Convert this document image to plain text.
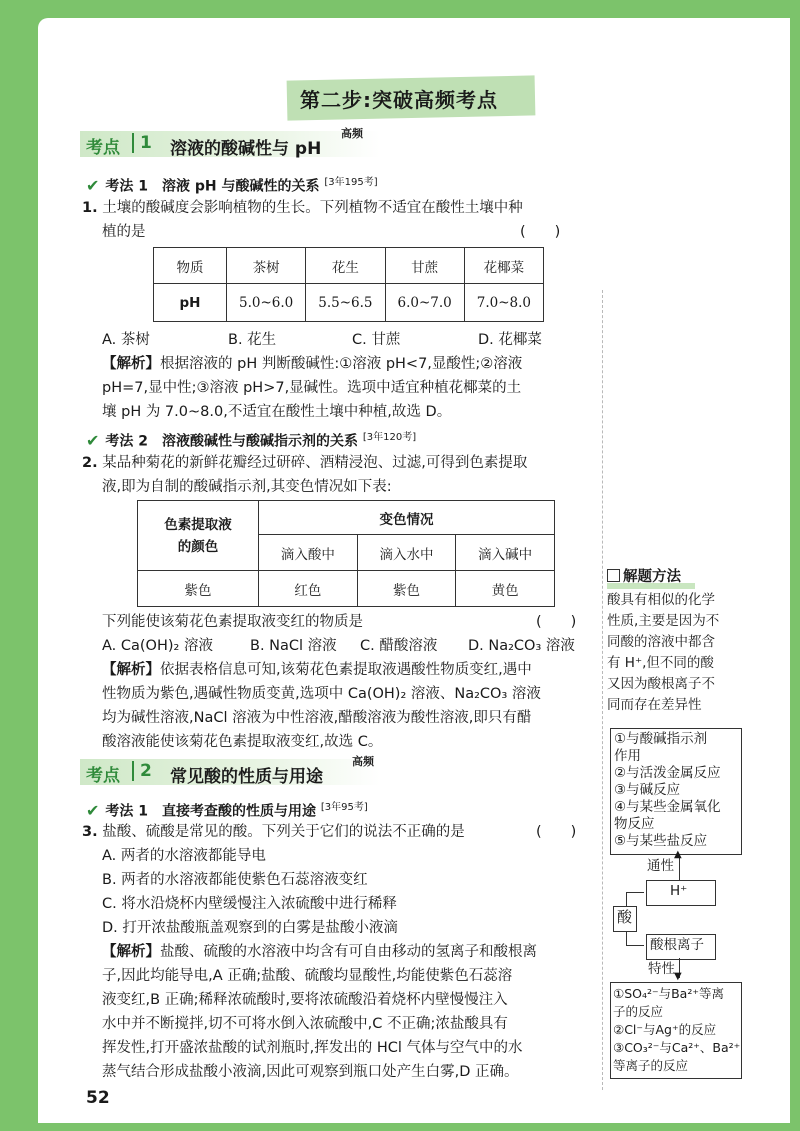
第二步:突破高频考点
考点	1 溶液的酸碱性与 pH
高频
✔ 考法 1　溶液 pH 与酸碱性的关系 [3年195考]
1. 土壤的酸碱度会影响植物的生长。下列植物不适宜在酸性土壤中种
植的是	(　　)
物质	茶树	花生	甘蔗	花椰菜
pH	5.0~6.0	5.5~6.5	6.0~7.0	7.0~8.0
A. 茶树	B. 花生	C. 甘蔗	D. 花椰菜
【解析】根据溶液的 pH 判断酸碱性:①溶液 pH<7,显酸性;②溶液
pH=7,显中性;③溶液 pH>7,显碱性。选项中适宜种植花椰菜的土
壤 pH 为 7.0~8.0,不适宜在酸性土壤中种植,故选 D。
✔ 考法 2　溶液酸碱性与酸碱指示剂的关系 [3年120考]
2. 某品种菊花的新鲜花瓣经过研碎、酒精浸泡、过滤,可得到色素提取
液,即为自制的酸碱指示剂,其变色情况如下表:
色素提取液
的颜色	变色情况		
	滴入酸中	滴入水中	滴入碱中
紫色	红色	紫色	黄色
下列能使该菊花色素提取液变红的物质是	(　　)
A. Ca(OH)₂ 溶液	B. NaCl 溶液 C. 醋酸溶液 D. Na₂CO₃ 溶液
【解析】依据表格信息可知,该菊花色素提取液遇酸性物质变红,遇中
性物质为紫色,遇碱性物质变黄,选项中 Ca(OH)₂ 溶液、Na₂CO₃ 溶液
均为碱性溶液,NaCl 溶液为中性溶液,醋酸溶液为酸性溶液,即只有醋
酸溶液能使该菊花色素提取液变红,故选 C。
考点	2 常见酸的性质与用途
高频
✔ 考法 1　直接考查酸的性质与用途 [3年95考]
3. 盐酸、硫酸是常见的酸。下列关于它们的说法不正确的是	(　　)
A. 两者的水溶液都能导电
B. 两者的水溶液都能使紫色石蕊溶液变红
C. 将水沿烧杯内壁缓慢注入浓硫酸中进行稀释
D. 打开浓盐酸瓶盖观察到的白雾是盐酸小液滴
【解析】盐酸、硫酸的水溶液中均含有可自由移动的氢离子和酸根离
子,因此均能导电,A 正确;盐酸、硫酸均显酸性,均能使紫色石蕊溶
液变红,B 正确;稀释浓硫酸时,要将浓硫酸沿着烧杯内壁慢慢注入
水中并不断搅拌,切不可将水倒入浓硫酸中,C 不正确;浓盐酸具有
挥发性,打开盛浓盐酸的试剂瓶时,挥发出的 HCl 气体与空气中的水
蒸气结合形成盐酸小液滴,因此可观察到瓶口处产生白雾,D 正确。
解题方法
酸具有相似的化学
性质,主要是因为不
同酸的溶液中都含
有 H⁺,但不同的酸
又因为酸根离子不
同而存在差异性
①与酸碱指示剂
作用
②与活泼金属反应
③与碱反应
④与某些金属氧化
物反应
⑤与某些盐反应
▲
通性
H⁺
酸
酸根离子
特性 ▼
①SO₄²⁻与Ba²⁺等离
子的反应
②Cl⁻与Ag⁺的反应
③CO₃²⁻与Ca²⁺、Ba²⁺
等离子的反应
52
